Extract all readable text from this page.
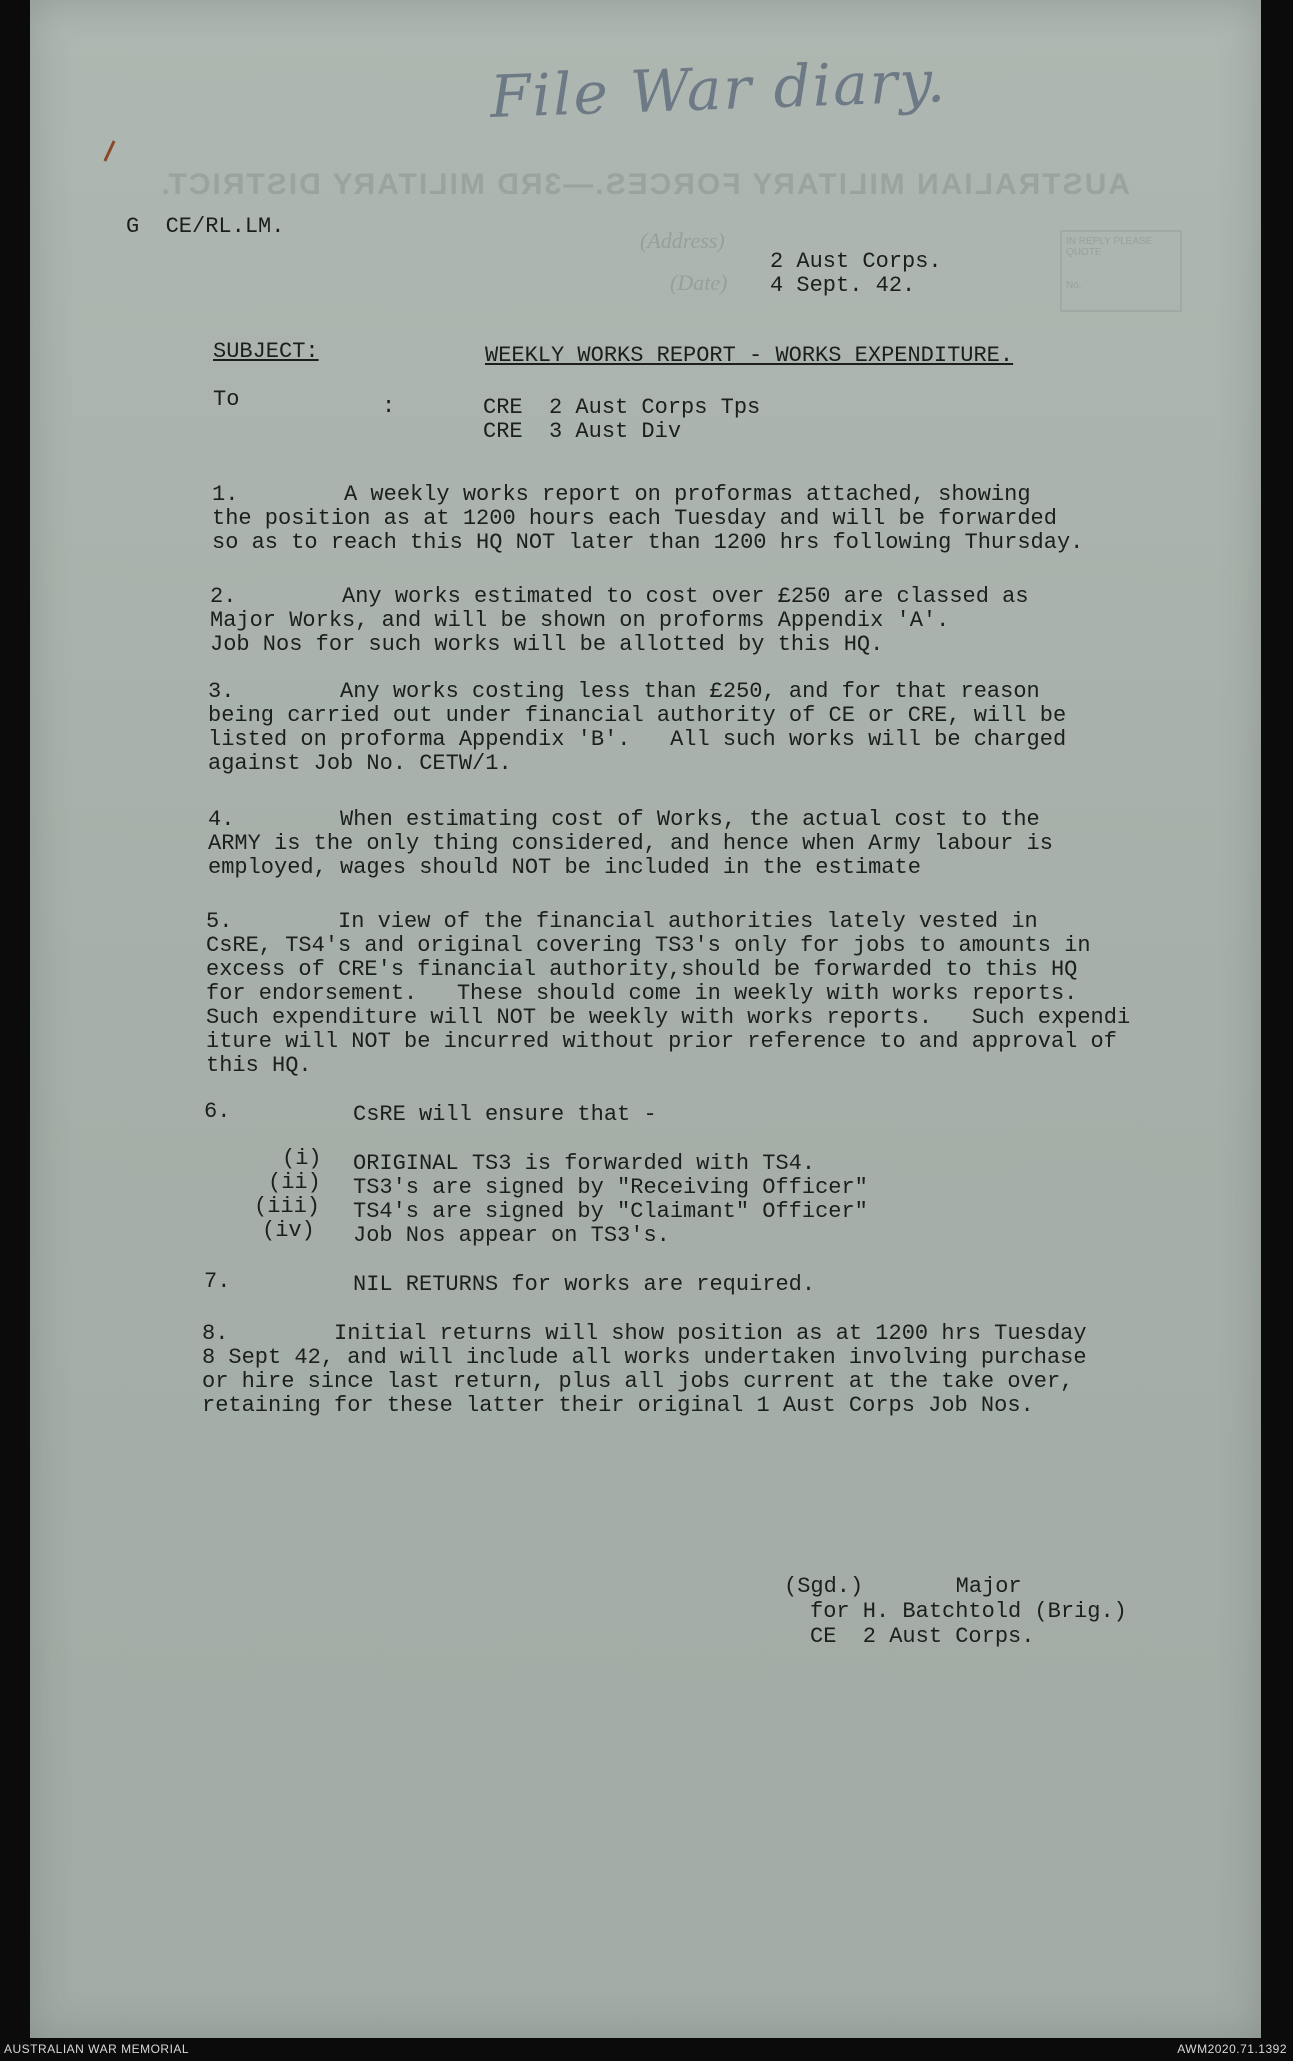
File War diary.
AUSTRALIAN MILITARY FORCES.—3RD MILITARY DISTRICT.
(Address)
(Date)
IN REPLY PLEASE QUOTE
No.
G  CE/RL.LM.
2 Aust Corps.
4 Sept. 42.
SUBJECT:	WEEKLY WORKS REPORT - WORKS EXPENDITURE.
To	:	CRE  2 Aust Corps Tps
CRE  3 Aust Div
1.        A weekly works report on proformas attached, showing
the position as at 1200 hours each Tuesday and will be forwarded
so as to reach this HQ NOT later than 1200 hrs following Thursday.
2.        Any works estimated to cost over £250 are classed as
Major Works, and will be shown on proforms Appendix 'A'.
Job Nos for such works will be allotted by this HQ.
3.        Any works costing less than £250, and for that reason
being carried out under financial authority of CE or CRE, will be
listed on proforma Appendix 'B'.   All such works will be charged
against Job No. CETW/1.
4.        When estimating cost of Works, the actual cost to the
ARMY is the only thing considered, and hence when Army labour is
employed, wages should NOT be included in the estimate
5.        In view of the financial authorities lately vested in
CsRE, TS4's and original covering TS3's only for jobs to amounts in
excess of CRE's financial authority,should be forwarded to this HQ
for endorsement.   These should come in weekly with works reports.
Such expenditure will NOT be weekly with works reports.   Such expendi
iture will NOT be incurred without prior reference to and approval of
this HQ.
6.	CsRE will ensure that -
(i) ORIGINAL TS3 is forwarded with TS4.
(ii) TS3's are signed by "Receiving Officer"
(iii) TS4's are signed by "Claimant" Officer"
(iv) Job Nos appear on TS3's.
7.	NIL RETURNS for works are required.
8.        Initial returns will show position as at 1200 hrs Tuesday
8 Sept 42, and will include all works undertaken involving purchase
or hire since last return, plus all jobs current at the take over,
retaining for these latter their original 1 Aust Corps Job Nos.
(Sgd.)       Major
for H. Batchtold (Brig.)
CE  2 Aust Corps.
AUSTRALIAN WAR MEMORIAL	AWM2020.71.1392
